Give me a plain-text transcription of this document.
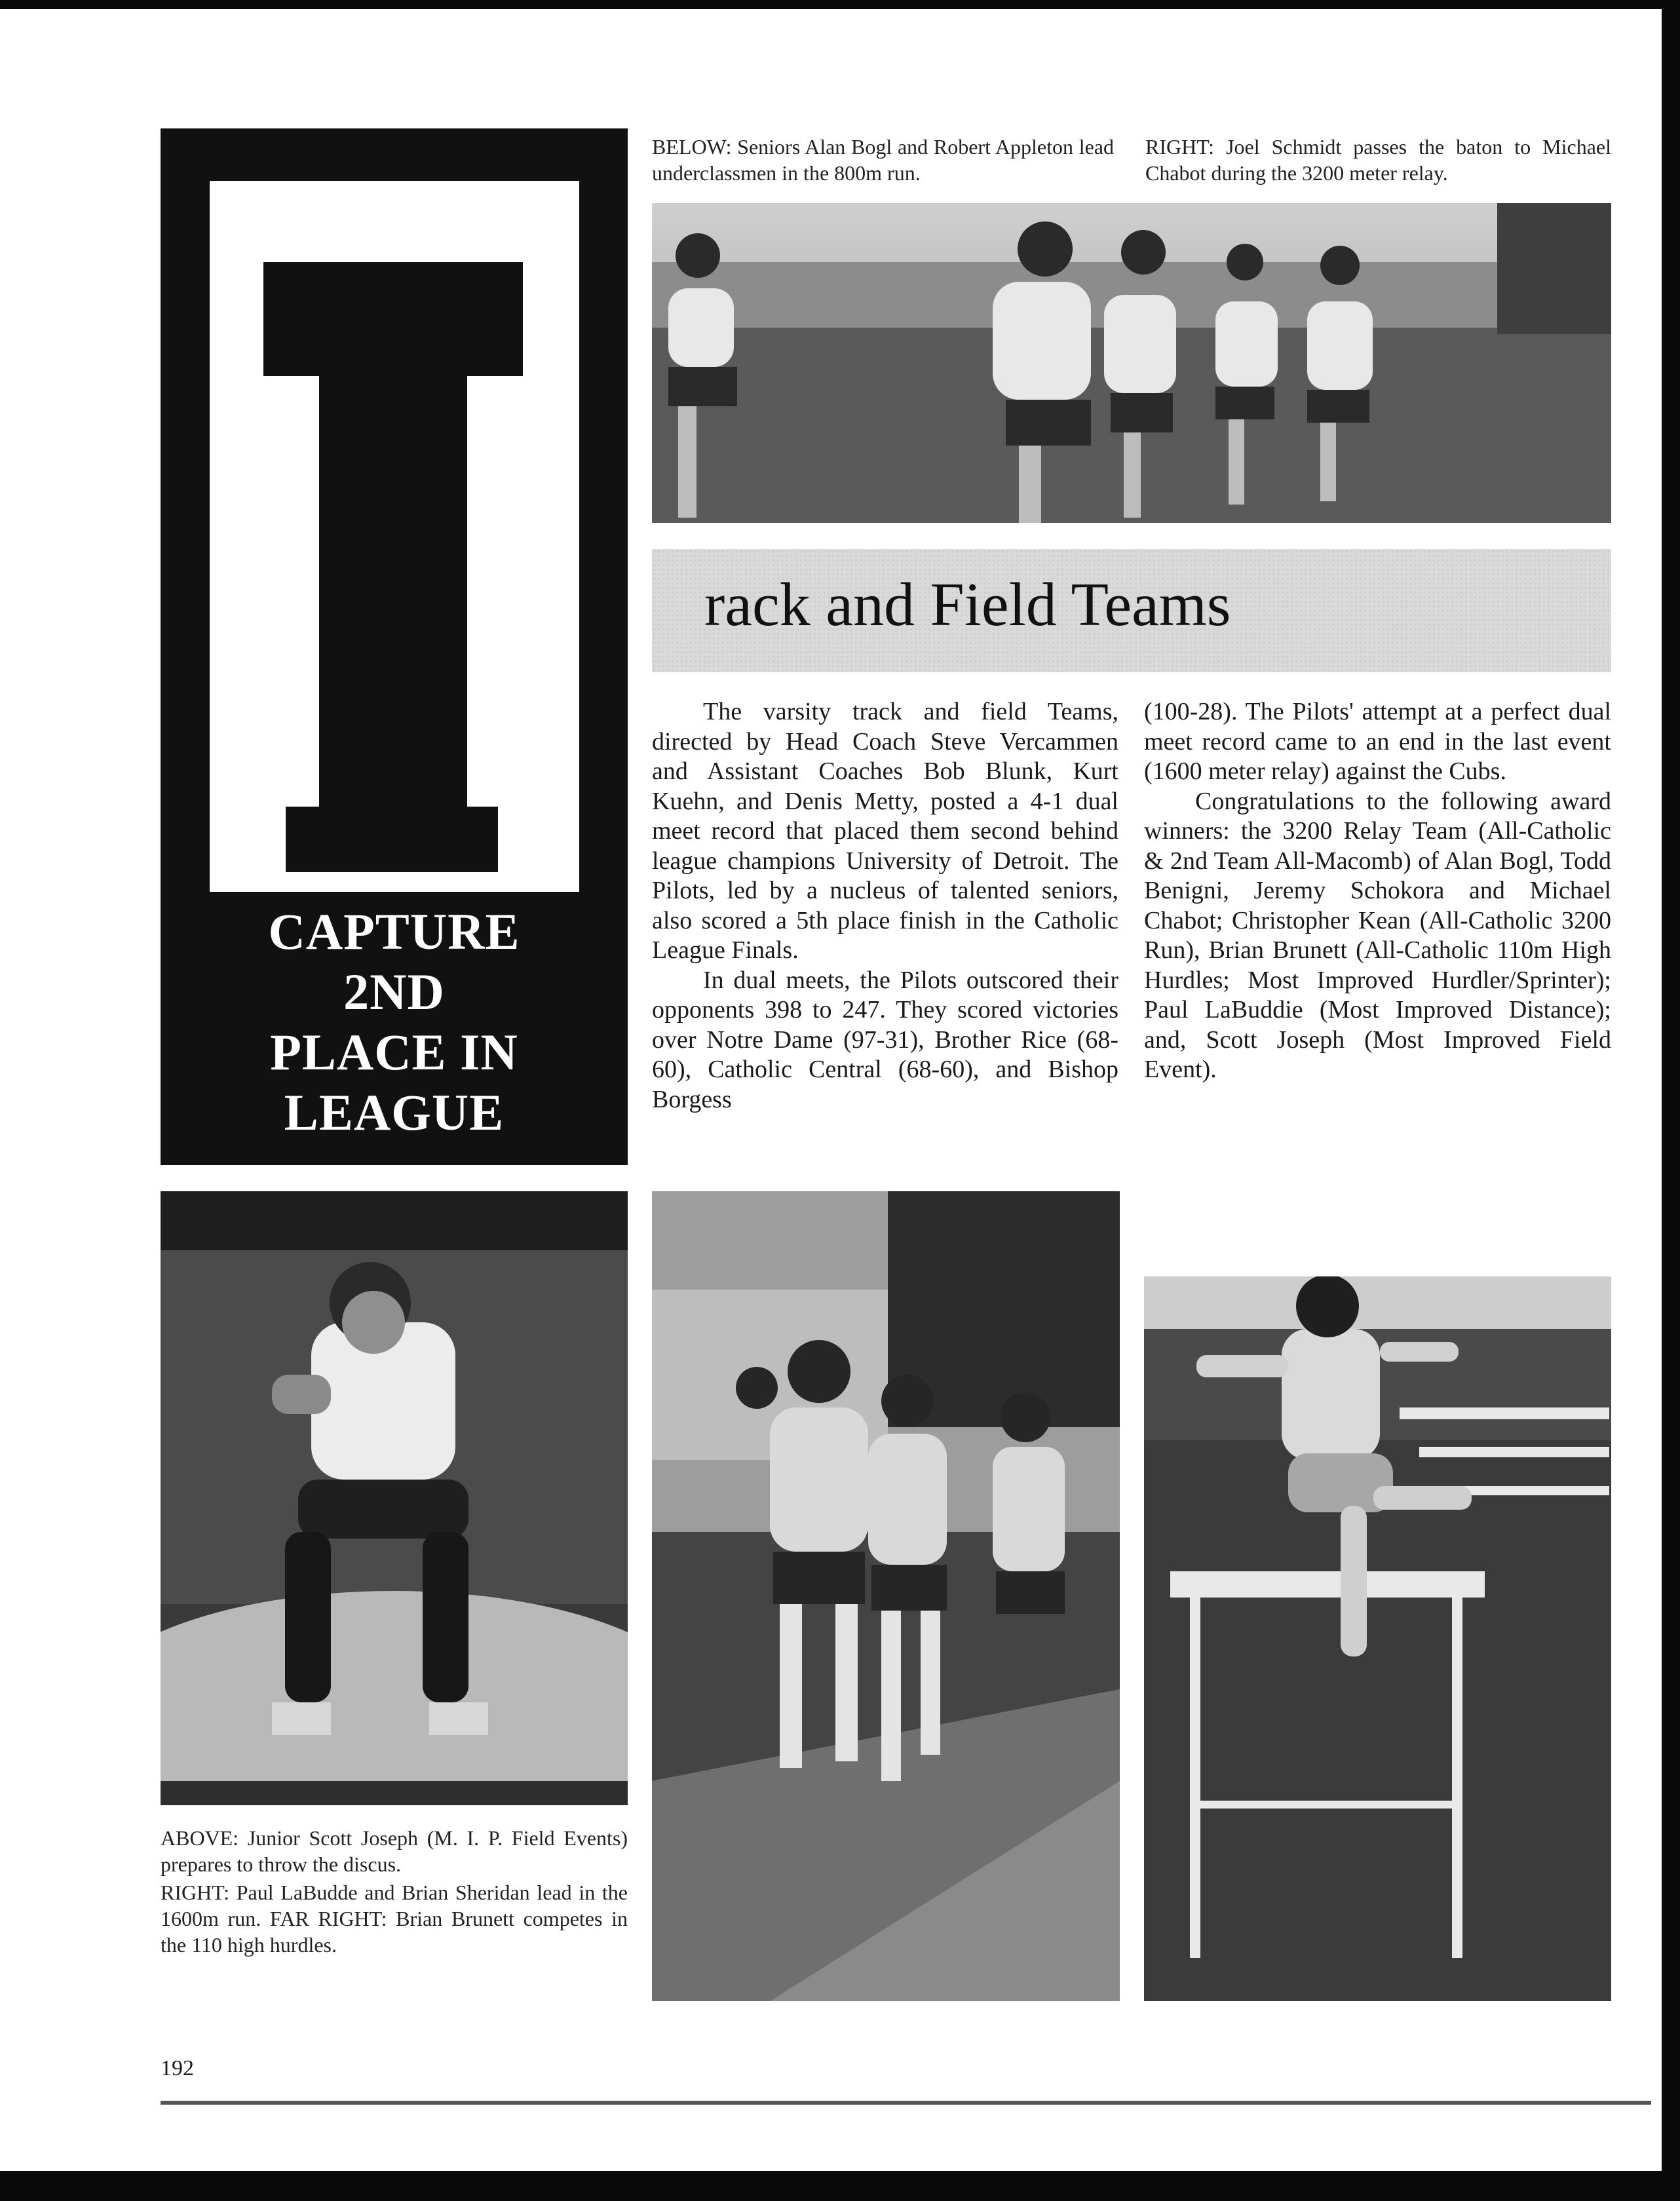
CAPTURE
2ND
PLACE IN
LEAGUE

BELOW: Seniors Alan Bogl and Robert Appleton lead underclassmen in the 800m run.

RIGHT: Joel Schmidt passes the baton to Michael Chabot during the 3200 meter relay.

rack and Field Teams

The varsity track and field Teams, directed by Head Coach Steve Vercammen and Assistant Coaches Bob Blunk, Kurt Kuehn, and Denis Metty, posted a 4-1 dual meet record that placed them second behind league champions University of Detroit. The Pilots, led by a nucleus of talented seniors, also scored a 5th place finish in the Catholic League Finals.

In dual meets, the Pilots outscored their opponents 398 to 247. They scored victories over Notre Dame (97-31), Brother Rice (68-60), Catholic Central (68-60), and Bishop Borgess

(100-28). The Pilots' attempt at a perfect dual meet record came to an end in the last event (1600 meter relay) against the Cubs.

Congratulations to the following award winners: the 3200 Relay Team (All-Catholic & 2nd Team All-Macomb) of Alan Bogl, Todd Benigni, Jeremy Schokora and Michael Chabot; Christopher Kean (All-Catholic 3200 Run), Brian Brunett (All-Catholic 110m High Hurdles; Most Improved Hurdler/Sprinter); Paul LaBuddie (Most Improved Distance); and, Scott Joseph (Most Improved Field Event).

ABOVE: Junior Scott Joseph (M. I. P. Field Events) prepares to throw the discus.

RIGHT: Paul LaBudde and Brian Sheridan lead in the 1600m run. FAR RIGHT: Brian Brunett competes in the 110 high hurdles.

192
